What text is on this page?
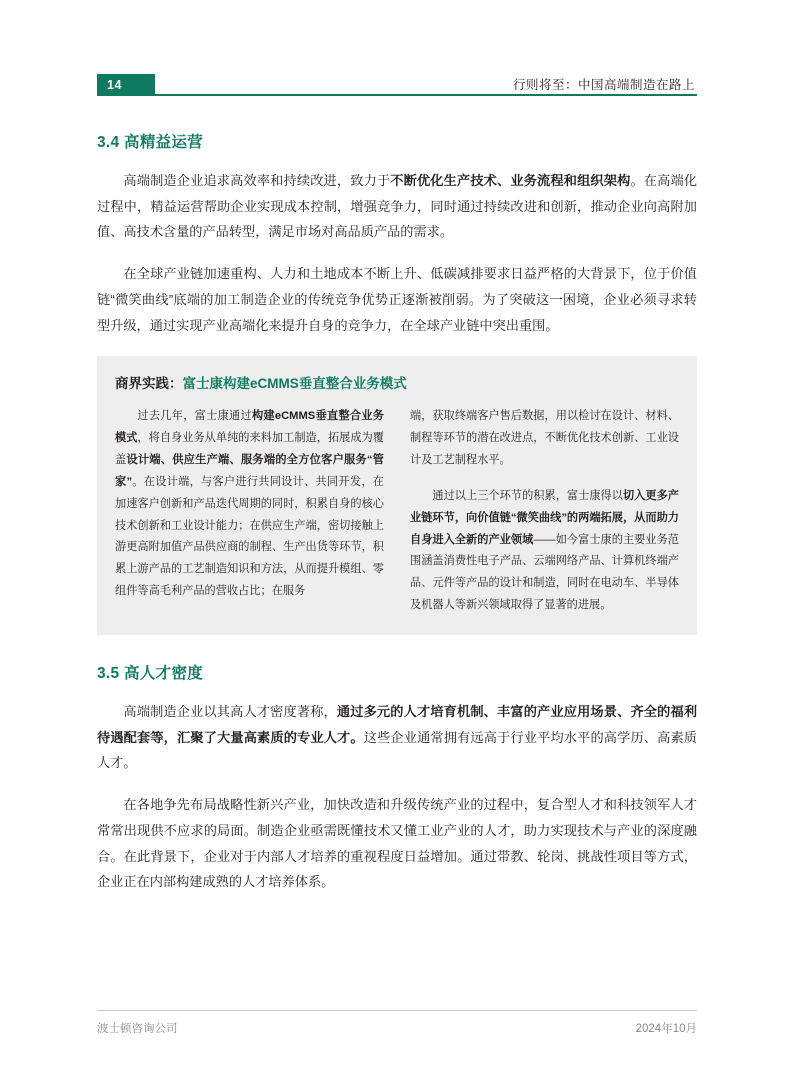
14	行则将至：中国高端制造在路上
3.4 高精益运营

高端制造企业追求高效率和持续改进，致力于不断优化生产技术、业务流程和组织架构。在高端化过程中，精益运营帮助企业实现成本控制，增强竞争力，同时通过持续改进和创新，推动企业向高附加值、高技术含量的产品转型，满足市场对高品质产品的需求。

在全球产业链加速重构、人力和土地成本不断上升、低碳减排要求日益严格的大背景下，位于价值链“微笑曲线”底端的加工制造企业的传统竞争优势正逐渐被削弱。为了突破这一困境，企业必须寻求转型升级，通过实现产业高端化来提升自身的竞争力，在全球产业链中突出重围。

商界实践：富士康构建eCMMS垂直整合业务模式

过去几年，富士康通过构建eCMMS垂直整合业务模式，将自身业务从单纯的来料加工制造，拓展成为覆盖设计端、供应生产端、服务端的全方位客户服务“管家”。在设计端，与客户进行共同设计、共同开发，在加速客户创新和产品迭代周期的同时，积累自身的核心技术创新和工业设计能力；在供应生产端，密切接触上游更高附加值产品供应商的制程、生产出货等环节，积累上游产品的工艺制造知识和方法，从而提升模组、零组件等高毛利产品的营收占比；在服务

端，获取终端客户售后数据，用以检讨在设计、材料、制程等环节的潜在改进点，不断优化技术创新、工业设计及工艺制程水平。

通过以上三个环节的积累，富士康得以切入更多产业链环节，向价值链“微笑曲线”的两端拓展，从而助力自身进入全新的产业领域——如今富士康的主要业务范围涵盖消费性电子产品、云端网络产品、计算机终端产品、元件等产品的设计和制造，同时在电动车、半导体及机器人等新兴领域取得了显著的进展。

3.5 高人才密度

高端制造企业以其高人才密度著称，通过多元的人才培育机制、丰富的产业应用场景、齐全的福利待遇配套等，汇聚了大量高素质的专业人才。这些企业通常拥有远高于行业平均水平的高学历、高素质人才。

在各地争先布局战略性新兴产业，加快改造和升级传统产业的过程中，复合型人才和科技领军人才常常出现供不应求的局面。制造企业亟需既懂技术又懂工业产业的人才，助力实现技术与产业的深度融合。在此背景下，企业对于内部人才培养的重视程度日益增加。通过带教、轮岗、挑战性项目等方式，企业正在内部构建成熟的人才培养体系。

波士顿咨询公司	2024年10月
